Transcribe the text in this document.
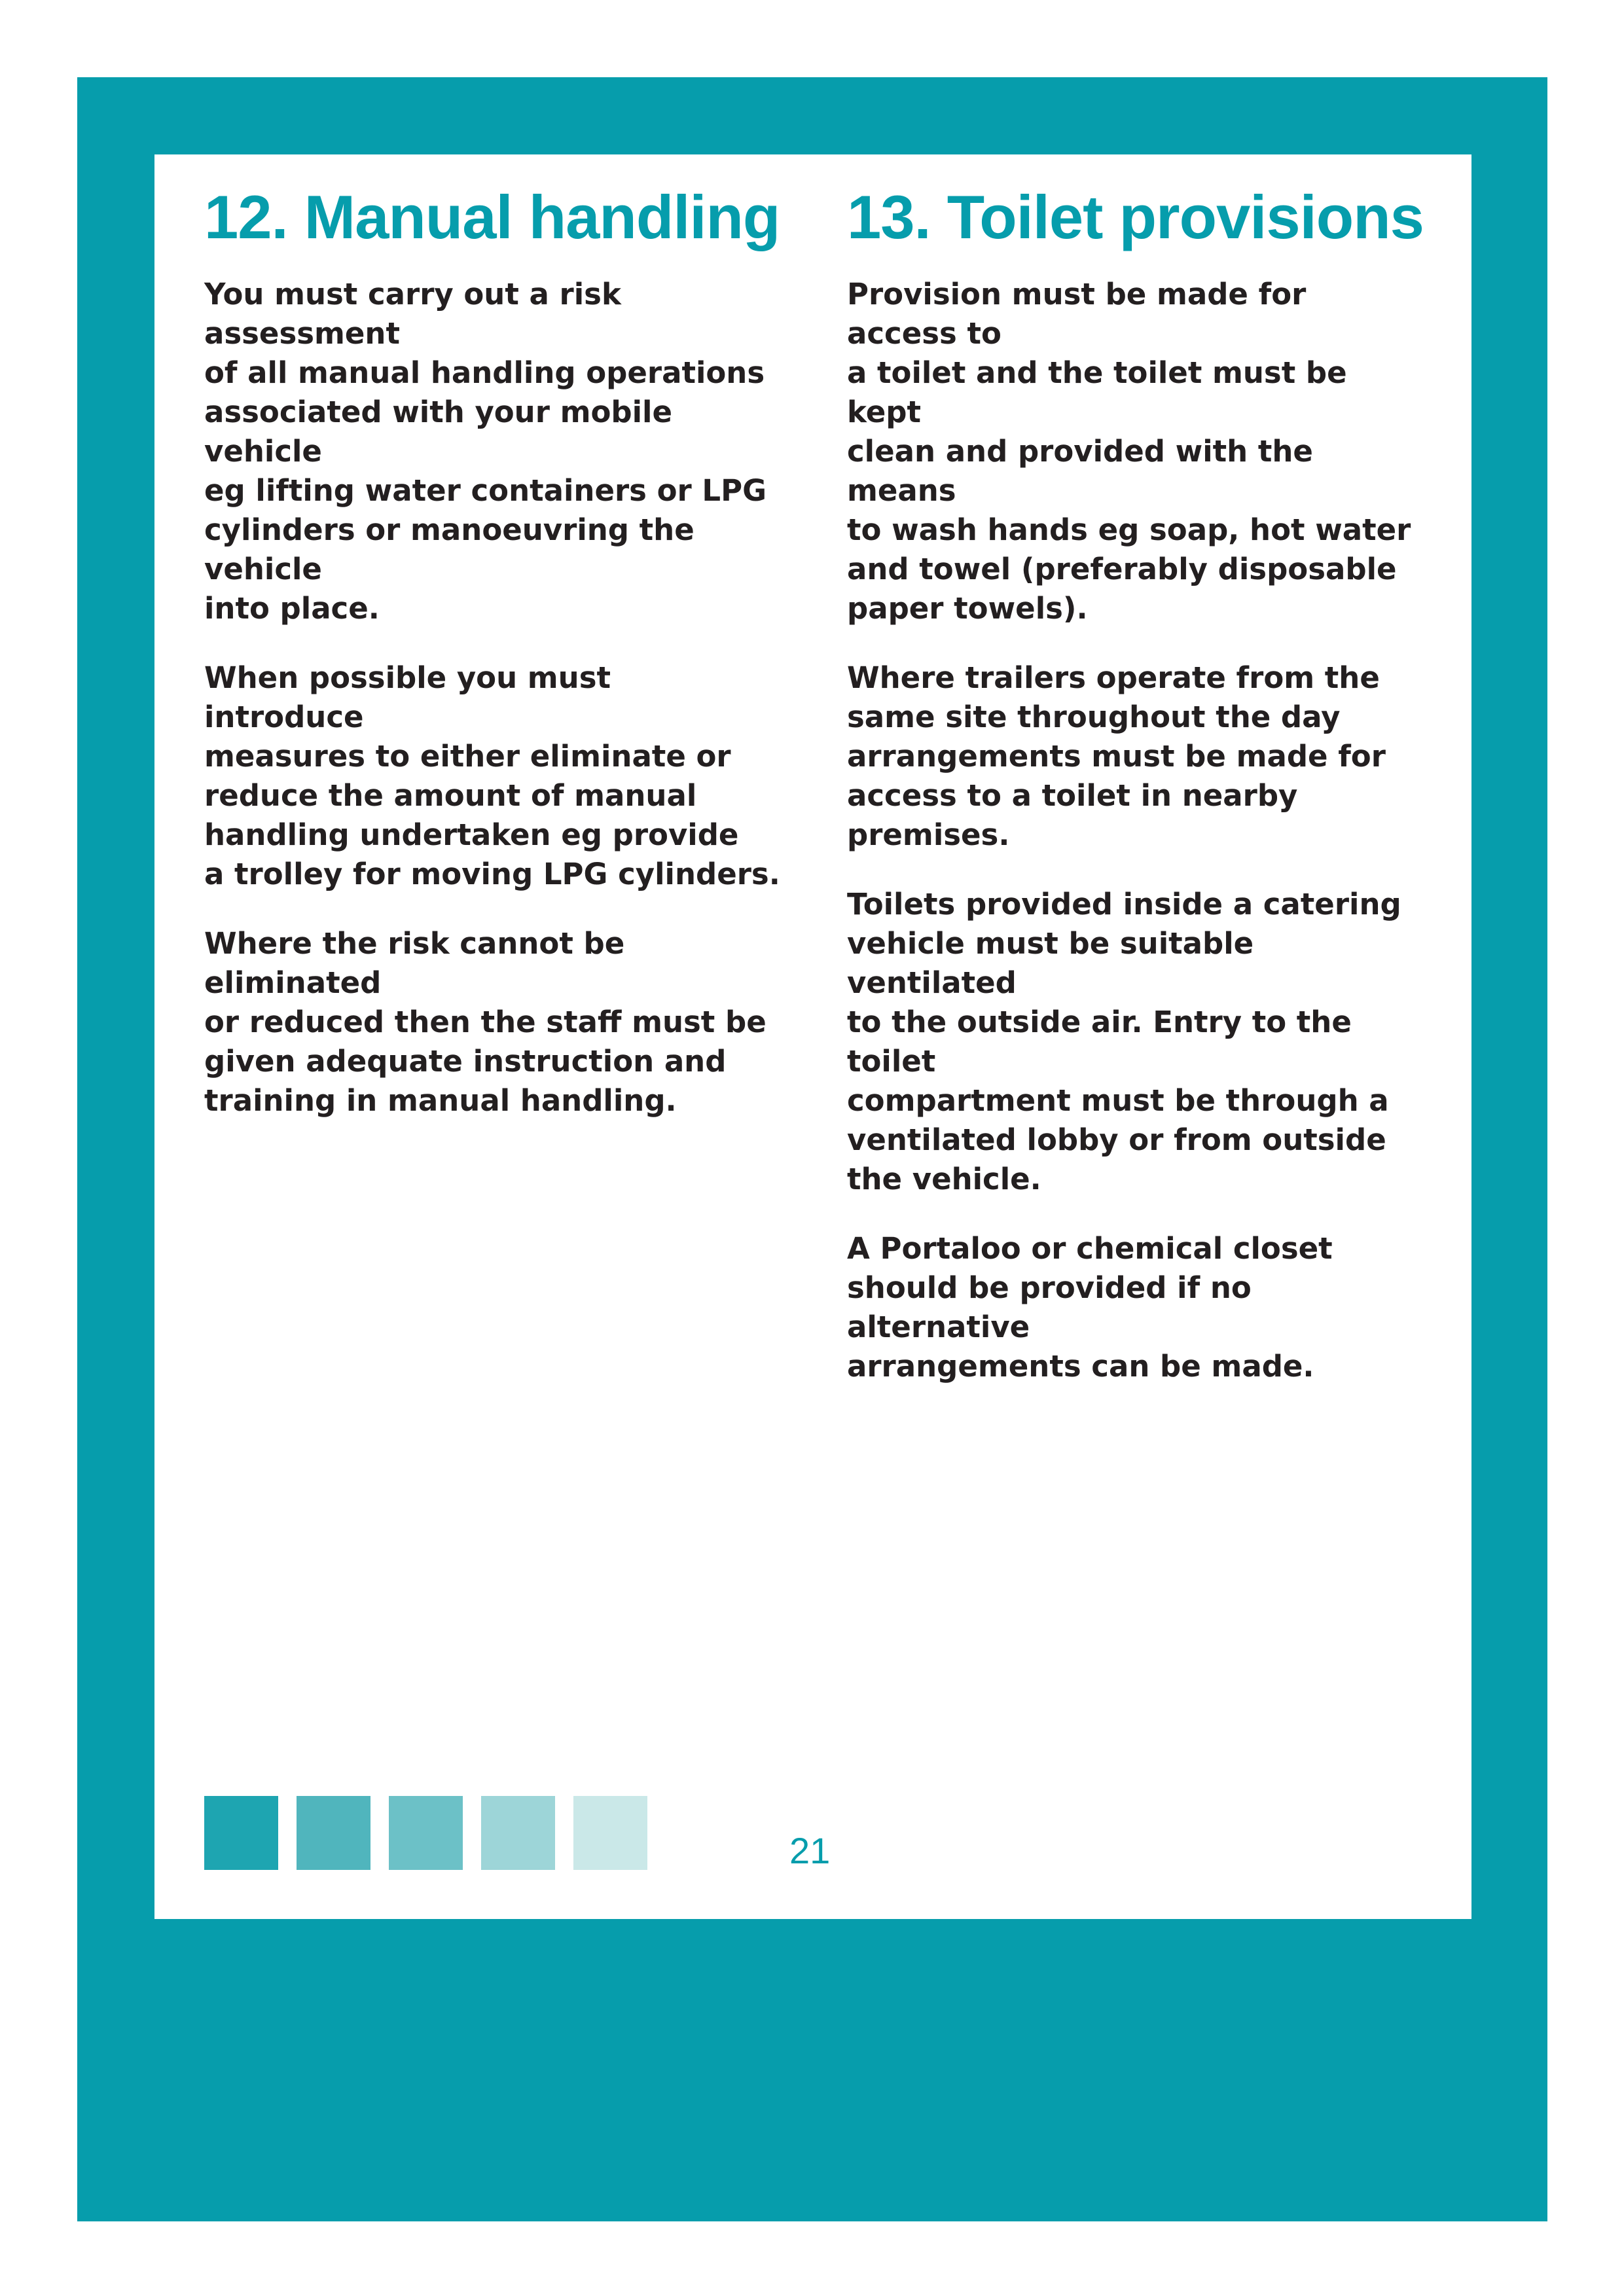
12. Manual handling

You must carry out a risk assessment
of all manual handling operations
associated with your mobile vehicle
eg lifting water containers or LPG
cylinders or manoeuvring the vehicle
into place.

When possible you must introduce
measures to either eliminate or
reduce the amount of manual
handling undertaken eg provide
a trolley for moving LPG cylinders.

Where the risk cannot be eliminated
or reduced then the staff must be
given adequate instruction and
training in manual handling.

13. Toilet provisions

Provision must be made for access to
a toilet and the toilet must be kept
clean and provided with the means
to wash hands eg soap, hot water
and towel (preferably disposable
paper towels).

Where trailers operate from the
same site throughout the day
arrangements must be made for
access to a toilet in nearby premises.

Toilets provided inside a catering
vehicle must be suitable ventilated
to the outside air. Entry to the toilet
compartment must be through a
ventilated lobby or from outside
the vehicle.

A Portaloo or chemical closet
should be provided if no alternative
arrangements can be made.

21
